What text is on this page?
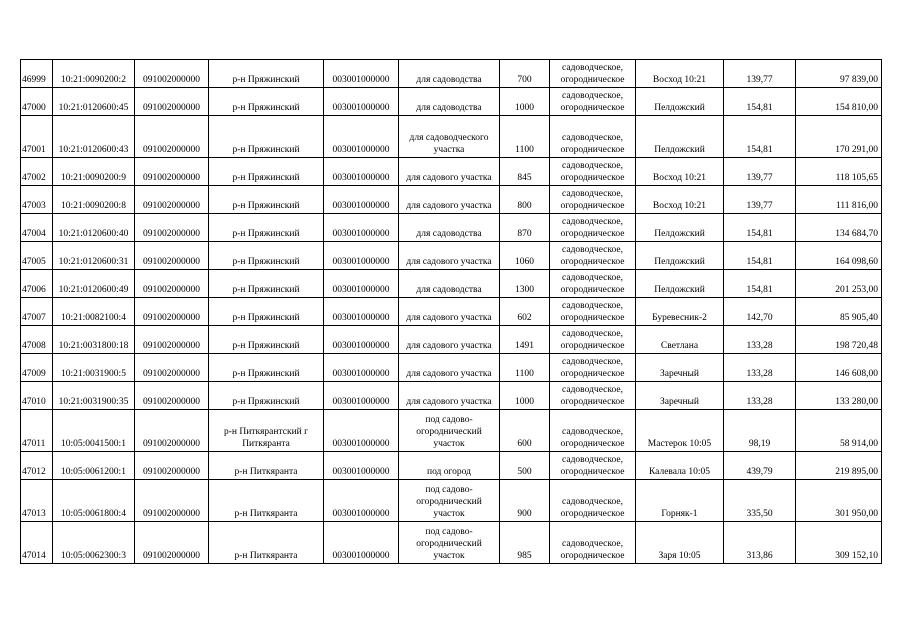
46999	10:21:0090200:2	091002000000	р-н Пряжинский	003001000000	для садоводства	700	садоводческое, огородническое	Восход 10:21	139,77	97 839,00
47000	10:21:0120600:45	091002000000	р-н Пряжинский	003001000000	для садоводства	1000	садоводческое, огородническое	Пелдожский	154,81	154 810,00
47001	10:21:0120600:43	091002000000	р-н Пряжинский	003001000000	для садоводческого участка	1100	садоводческое, огородническое	Пелдожский	154,81	170 291,00
47002	10:21:0090200:9	091002000000	р-н Пряжинский	003001000000	для садового участка	845	садоводческое, огородническое	Восход 10:21	139,77	118 105,65
47003	10:21:0090200:8	091002000000	р-н Пряжинский	003001000000	для садового участка	800	садоводческое, огородническое	Восход 10:21	139,77	111 816,00
47004	10:21:0120600:40	091002000000	р-н Пряжинский	003001000000	для садоводства	870	садоводческое, огородническое	Пелдожский	154,81	134 684,70
47005	10:21:0120600:31	091002000000	р-н Пряжинский	003001000000	для садового участка	1060	садоводческое, огородническое	Пелдожский	154,81	164 098,60
47006	10:21:0120600:49	091002000000	р-н Пряжинский	003001000000	для садоводства	1300	садоводческое, огородническое	Пелдожский	154,81	201 253,00
47007	10:21:0082100:4	091002000000	р-н Пряжинский	003001000000	для садового участка	602	садоводческое, огородническое	Буревесник-2	142,70	85 905,40
47008	10:21:0031800:18	091002000000	р-н Пряжинский	003001000000	для садового участка	1491	садоводческое, огородническое	Светлана	133,28	198 720,48
47009	10:21:0031900:5	091002000000	р-н Пряжинский	003001000000	для садового участка	1100	садоводческое, огородническое	Заречный	133,28	146 608,00
47010	10:21:0031900:35	091002000000	р-н Пряжинский	003001000000	для садового участка	1000	садоводческое, огородническое	Заречный	133,28	133 280,00
47011	10:05:0041500:1	091002000000	р-н Питкярантский г Питкяранта	003001000000	под садово-огороднический участок	600	садоводческое, огородническое	Мастерок 10:05	98,19	58 914,00
47012	10:05:0061200:1	091002000000	р-н Питкяранта	003001000000	под огород	500	садоводческое, огородническое	Калевала 10:05	439,79	219 895,00
47013	10:05:0061800:4	091002000000	р-н Питкяранта	003001000000	под садово-огороднический участок	900	садоводческое, огородническое	Горняк-1	335,50	301 950,00
47014	10:05:0062300:3	091002000000	р-н Питкяранта	003001000000	под садово-огороднический участок	985	садоводческое, огородническое	Заря 10:05	313,86	309 152,10
